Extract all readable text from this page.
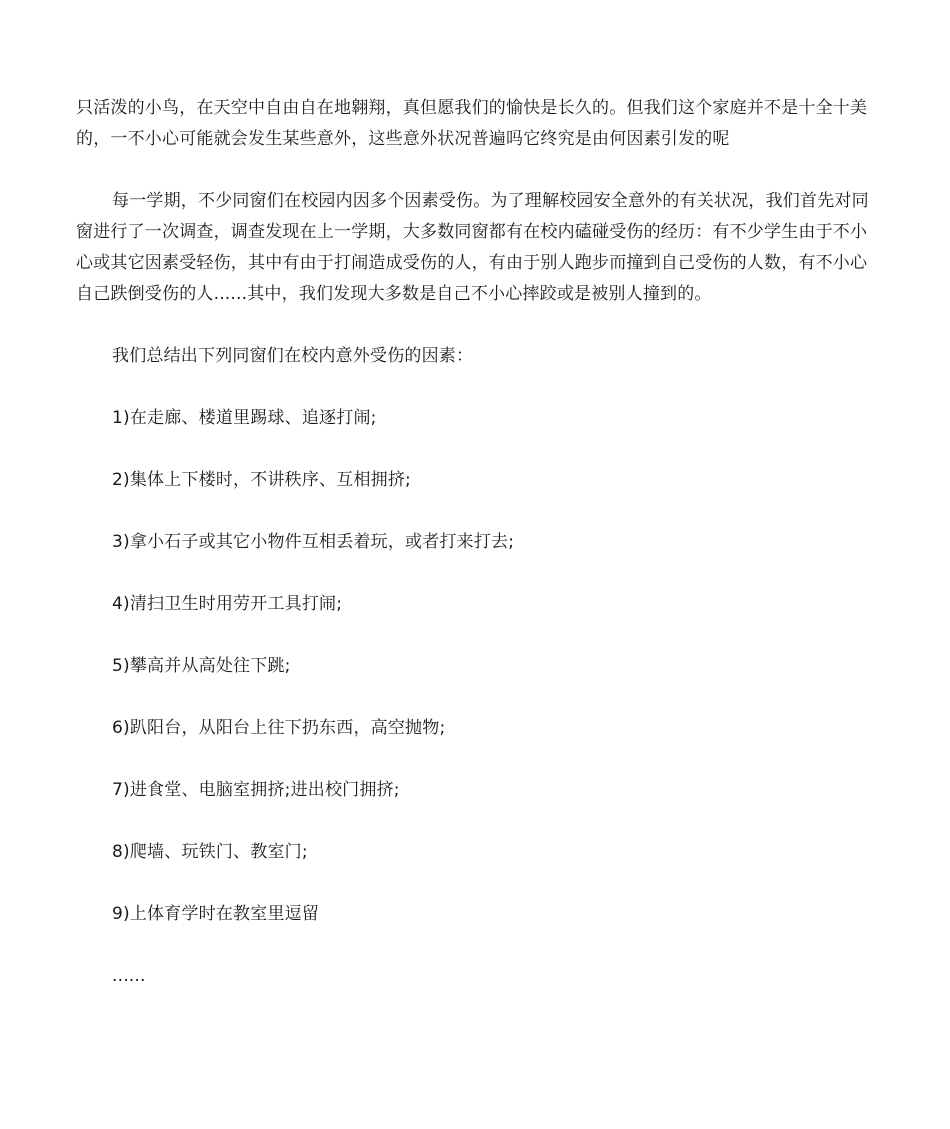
只活泼的小鸟，在天空中自由自在地翱翔，真但愿我们的愉快是长久的。但我们这个家庭并不是十全十美的，一不小心可能就会发生某些意外，这些意外状况普遍吗它终究是由何因素引发的呢

每一学期，不少同窗们在校园内因多个因素受伤。为了理解校园安全意外的有关状况，我们首先对同窗进行了一次调查，调查发现在上一学期，大多数同窗都有在校内磕碰受伤的经历：有不少学生由于不小心或其它因素受轻伤，其中有由于打闹造成受伤的人，有由于别人跑步而撞到自己受伤的人数，有不小心自己跌倒受伤的人......其中，我们发现大多数是自己不小心摔跤或是被别人撞到的。

我们总结出下列同窗们在校内意外受伤的因素：

1)在走廊、楼道里踢球、追逐打闹;

2)集体上下楼时，不讲秩序、互相拥挤;

3)拿小石子或其它小物件互相丢着玩，或者打来打去;

4)清扫卫生时用劳开工具打闹;

5)攀高并从高处往下跳;

6)趴阳台，从阳台上往下扔东西，高空抛物;

7)进食堂、电脑室拥挤;进出校门拥挤;

8)爬墙、玩铁门、教室门;

9)上体育学时在教室里逗留

......
